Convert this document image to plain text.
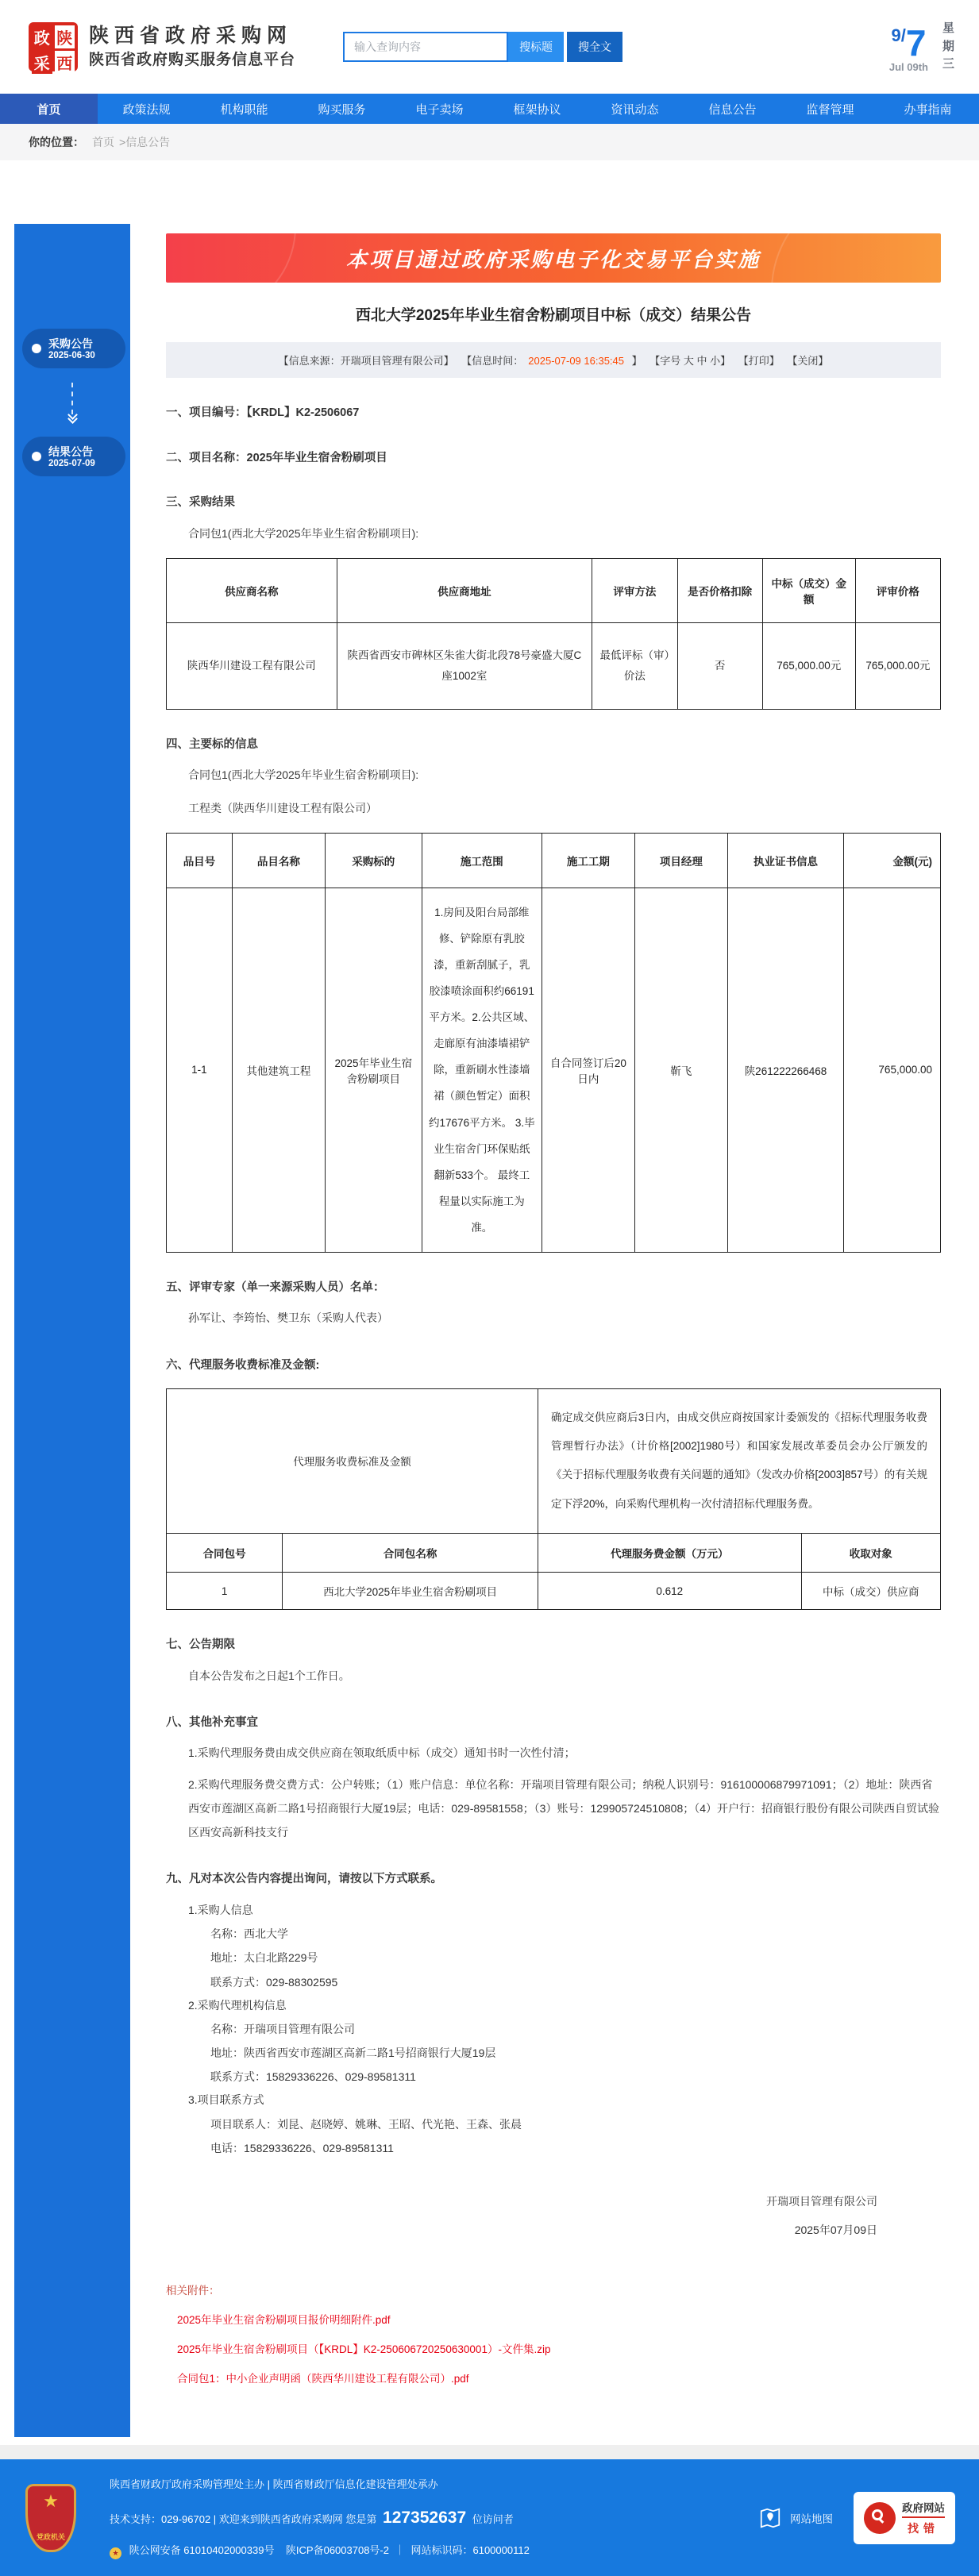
政 陕
采 西
陕西省政府采购网
陕西省政府购买服务信息平台
输入查询内容
搜标题	搜全文
9/7
Jul 09th
星期三
首页	政策法规	机构职能	购买服务	电子卖场	框架协议	资讯动态	信息公告	监督管理	办事指南
你的位置： 首页 > 信息公告
采购公告
2025-06-30
结果公告
2025-07-09
本项目通过政府采购电子化交易平台实施
西北大学2025年毕业生宿舍粉刷项目中标（成交）结果公告
【信息来源：开瑞项目管理有限公司】 【信息时间： 2025-07-09 16:35:45 】 【字号 大 中 小】 【打印】 【关闭】
一、项目编号：【KRDL】K2-2506067
二、项目名称：2025年毕业生宿舍粉刷项目
三、采购结果

合同包1(西北大学2025年毕业生宿舍粉刷项目):

供应商名称	供应商地址	评审方法	是否价格扣除	中标（成交）金额	评审价格
陕西华川建设工程有限公司	陕西省西安市碑林区朱雀大街北段78号豪盛大厦C座1002室	最低评标（审）价法	否	765,000.00元	765,000.00元
四、主要标的信息

合同包1(西北大学2025年毕业生宿舍粉刷项目):

工程类（陕西华川建设工程有限公司）

品目号	品目名称	采购标的	施工范围	施工工期	项目经理	执业证书信息	金额(元)
1-1	其他建筑工程	2025年毕业生宿舍粉刷项目	1.房间及阳台局部维修、铲除原有乳胶漆，重新刮腻子，乳胶漆喷涂面积约66191平方米。2.公共区域、走廊原有油漆墙裙铲除，重新刷水性漆墙裙（颜色暂定）面积约17676平方米。 3.毕业生宿舍门环保贴纸翻新533个。 最终工程量以实际施工为准。	自合同签订后20日内	靳飞	陕261222266468	765,000.00
五、评审专家（单一来源采购人员）名单：

孙军让、李筠怡、樊卫东（采购人代表）

六、代理服务收费标准及金额:
代理服务收费标准及金额		确定成交供应商后3日内，由成交供应商按国家计委颁发的《招标代理服务收费管理暂行办法》（计价格[2002]1980号）和国家发展改革委员会办公厅颁发的《关于招标代理服务收费有关问题的通知》（发改办价格[2003]857号）的有关规定下浮20%，向采购代理机构一次付清招标代理服务费。	
合同包号	合同包名称	代理服务费金额（万元）	收取对象
1	西北大学2025年毕业生宿舍粉刷项目	0.612	中标（成交）供应商
七、公告期限

自本公告发布之日起1个工作日。

八、其他补充事宜

1.采购代理服务费由成交供应商在领取纸质中标（成交）通知书时一次性付清；

2.采购代理服务费交费方式：公户转账；（1）账户信息：单位名称：开瑞项目管理有限公司；纳税人识别号：916100006879971091；（2）地址：陕西省西安市莲湖区高新二路1号招商银行大厦19层；电话：029-89581558；（3）账号：129905724510808；（4）开户行：招商银行股份有限公司陕西自贸试验区西安高新科技支行

九、凡对本次公告内容提出询问，请按以下方式联系。

1.采购人信息

名称：西北大学

地址：太白北路229号

联系方式：029-88302595

2.采购代理机构信息

名称：开瑞项目管理有限公司

地址：陕西省西安市莲湖区高新二路1号招商银行大厦19层

联系方式：15829336226、029-89581311

3.项目联系方式

项目联系人：刘昆、赵晓婷、姚琳、王昭、代光艳、王森、张晨

电话：15829336226、029-89581311

开瑞项目管理有限公司
2025年07月09日
相关附件：
2025年毕业生宿舍粉刷项目报价明细附件.pdf
2025年毕业生宿舍粉刷项目（【KRDL】K2-250606720250630001）-文件集.zip
合同包1：中小企业声明函（陕西华川建设工程有限公司）.pdf
★
党政机关
陕西省财政厅政府采购管理处主办 | 陕西省财政厅信息化建设管理处承办
技术支持：029-96702 | 欢迎来到陕西省政府采购网 您是第 127352637 位访问者
★ 陕公网安备 61010402000339号 陕ICP备06003708号-2 ｜ 网站标识码：6100000112
网站地图
政府网站
找错
